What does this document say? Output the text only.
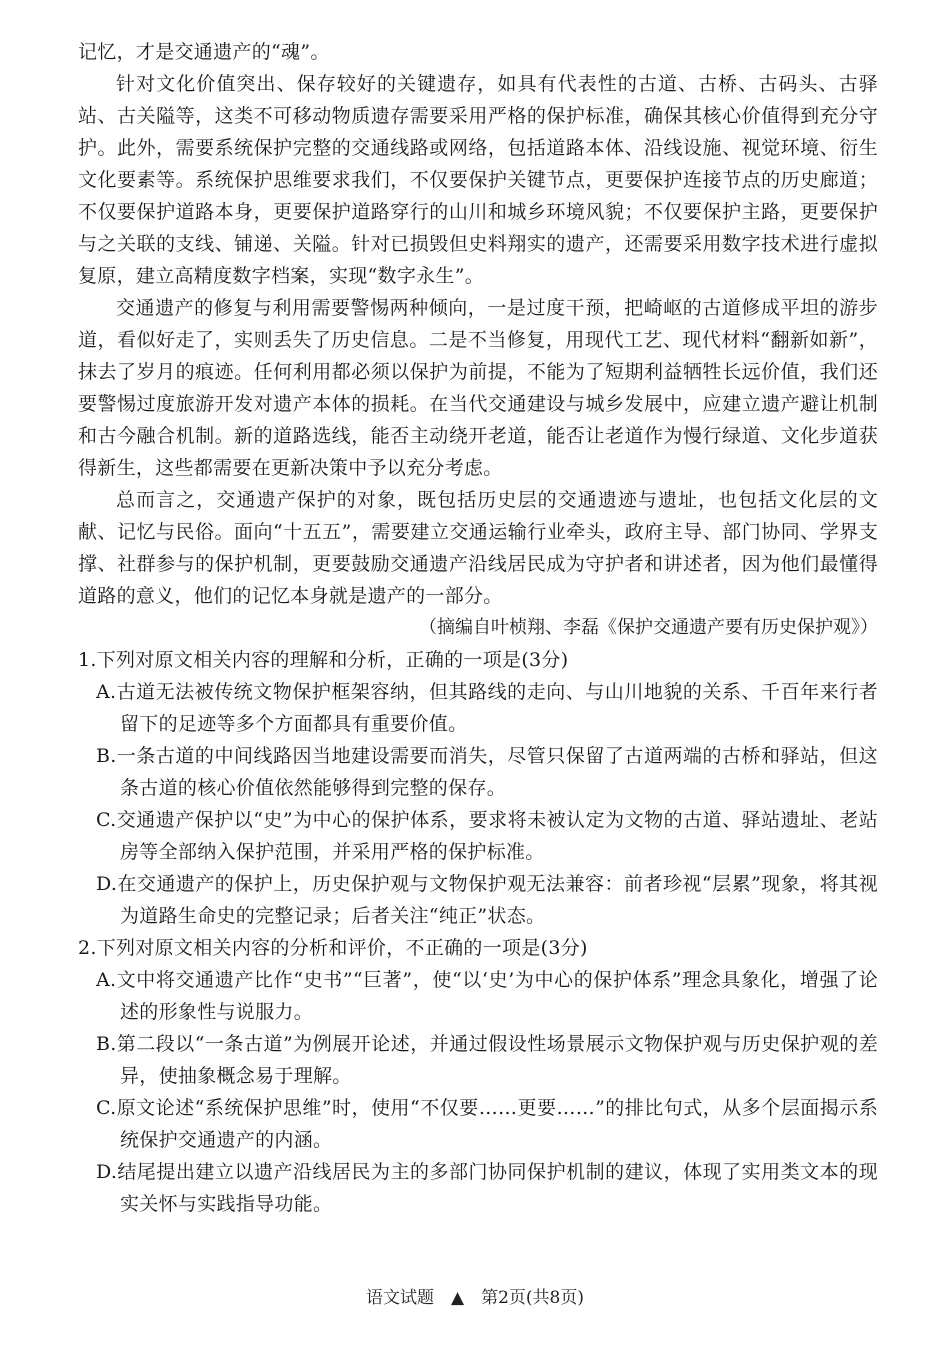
记忆，才是交通遗产的“魂”。

针对文化价值突出、保存较好的关键遗存，如具有代表性的古道、古桥、古码头、古驿站、古关隘等，这类不可移动物质遗存需要采用严格的保护标准，确保其核心价值得到充分守护。此外，需要系统保护完整的交通线路或网络，包括道路本体、沿线设施、视觉环境、衍生文化要素等。系统保护思维要求我们，不仅要保护关键节点，更要保护连接节点的历史廊道；不仅要保护道路本身，更要保护道路穿行的山川和城乡环境风貌；不仅要保护主路，更要保护与之关联的支线、铺递、关隘。针对已损毁但史料翔实的遗产，还需要采用数字技术进行虚拟复原，建立高精度数字档案，实现“数字永生”。

交通遗产的修复与利用需要警惕两种倾向，一是过度干预，把崎岖的古道修成平坦的游步道，看似好走了，实则丢失了历史信息。二是不当修复，用现代工艺、现代材料“翻新如新”，抹去了岁月的痕迹。任何利用都必须以保护为前提，不能为了短期利益牺牲长远价值，我们还要警惕过度旅游开发对遗产本体的损耗。在当代交通建设与城乡发展中，应建立遗产避让机制和古今融合机制。新的道路选线，能否主动绕开老道，能否让老道作为慢行绿道、文化步道获得新生，这些都需要在更新决策中予以充分考虑。

总而言之，交通遗产保护的对象，既包括历史层的交通遗迹与遗址，也包括文化层的文献、记忆与民俗。面向“十五五”，需要建立交通运输行业牵头，政府主导、部门协同、学界支撑、社群参与的保护机制，更要鼓励交通遗产沿线居民成为守护者和讲述者，因为他们最懂得道路的意义，他们的记忆本身就是遗产的一部分。

（摘编自叶桢翔、李磊《保护交通遗产要有历史保护观》）

1.下列对原文相关内容的理解和分析，正确的一项是(3分)

A.古道无法被传统文物保护框架容纳，但其路线的走向、与山川地貌的关系、千百年来行者留下的足迹等多个方面都具有重要价值。

B.一条古道的中间线路因当地建设需要而消失，尽管只保留了古道两端的古桥和驿站，但这条古道的核心价值依然能够得到完整的保存。

C.交通遗产保护以“史”为中心的保护体系，要求将未被认定为文物的古道、驿站遗址、老站房等全部纳入保护范围，并采用严格的保护标准。

D.在交通遗产的保护上，历史保护观与文物保护观无法兼容：前者珍视“层累”现象，将其视为道路生命史的完整记录；后者关注“纯正”状态。

2.下列对原文相关内容的分析和评价，不正确的一项是(3分)

A.文中将交通遗产比作“史书”“巨著”，使“以‘史’为中心的保护体系”理念具象化，增强了论述的形象性与说服力。

B.第二段以“一条古道”为例展开论述，并通过假设性场景展示文物保护观与历史保护观的差异，使抽象概念易于理解。

C.原文论述“系统保护思维”时，使用“不仅要……更要……”的排比句式，从多个层面揭示系统保护交通遗产的内涵。

D.结尾提出建立以遗产沿线居民为主的多部门协同保护机制的建议，体现了实用类文本的现实关怀与实践指导功能。

语文试题　▲　第2页(共8页)
